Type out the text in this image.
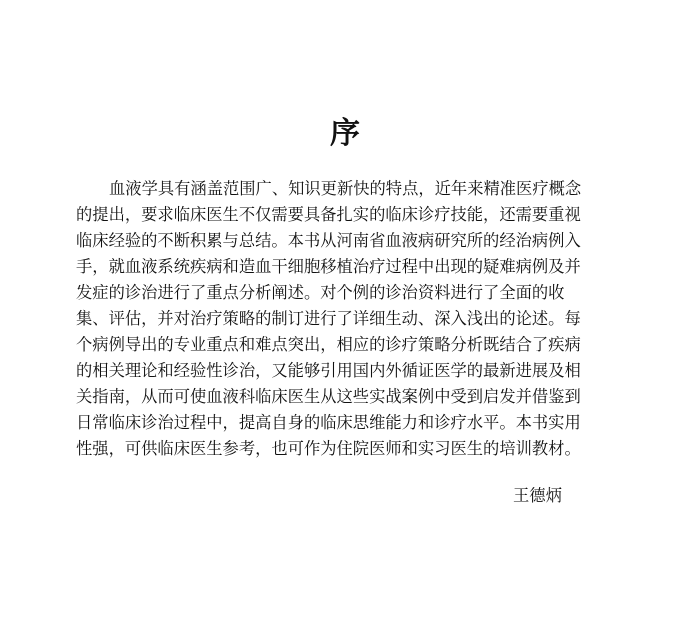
序
血液学具有涵盖范围广、知识更新快的特点，近年来精准医疗概念
的提出，要求临床医生不仅需要具备扎实的临床诊疗技能，还需要重视
临床经验的不断积累与总结。本书从河南省血液病研究所的经治病例入
手，就血液系统疾病和造血干细胞移植治疗过程中出现的疑难病例及并
发症的诊治进行了重点分析阐述。对个例的诊治资料进行了全面的收
集、评估，并对治疗策略的制订进行了详细生动、深入浅出的论述。每
个病例导出的专业重点和难点突出，相应的诊疗策略分析既结合了疾病
的相关理论和经验性诊治，又能够引用国内外循证医学的最新进展及相
关指南，从而可使血液科临床医生从这些实战案例中受到启发并借鉴到
日常临床诊治过程中，提高自身的临床思维能力和诊疗水平。本书实用
性强，可供临床医生参考，也可作为住院医师和实习医生的培训教材。
王德炳
